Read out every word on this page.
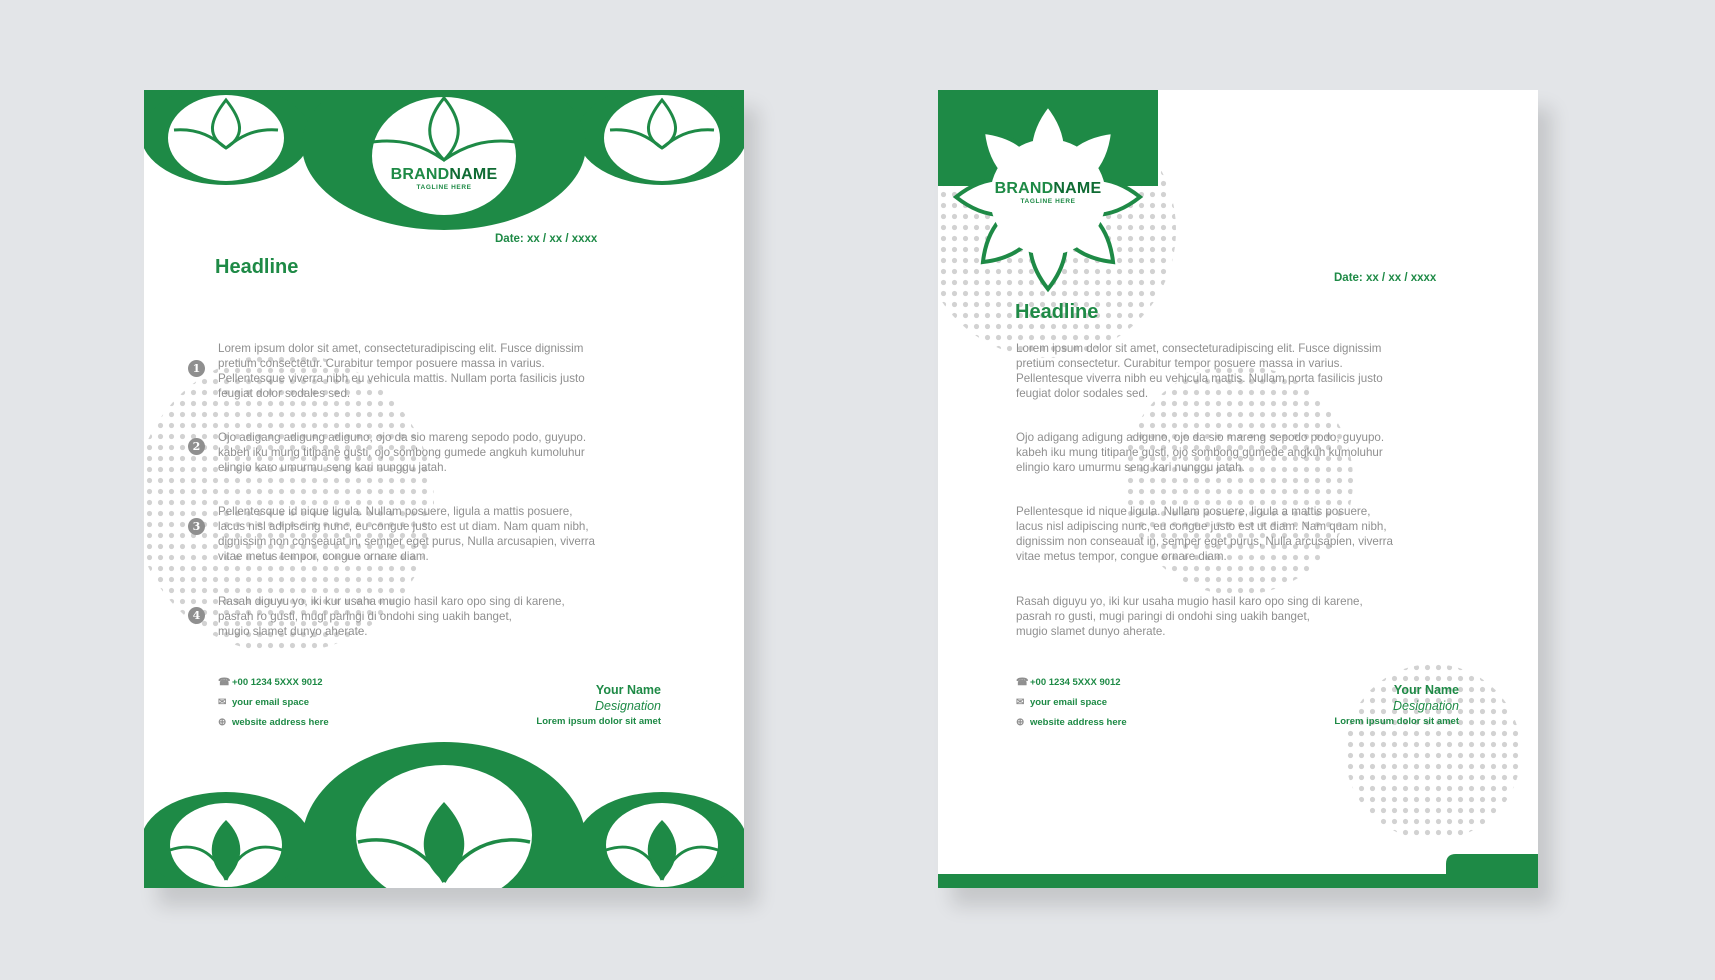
BRANDNAME
TAGLINE HERE
Date: xx / xx / xxxx
Headline
1
Lorem ipsum dolor sit amet, consecteturadipiscing elit. Fusce dignissim
pretium consectetur. Curabitur tempor posuere massa in varius.
Pellentesque viverra nibh eu vehicula mattis. Nullam porta fasilicis justo
feugiat dolor sodales sed.
2
Ojo adigang adigung adiguno, ojo da sio mareng sepodo podo, guyupo.
kabeh iku mung titipane gusti, ojo sombong gumede angkuh kumoluhur
elingio karo umurmu seng kari nunggu jatah.
3
Pellentesque id nique ligula. Nullam posuere, ligula a mattis posuere,
lacus nisl adipiscing nunc, eu congue justo est ut diam. Nam quam nibh,
dignissim non conseauat in, semper eget purus, Nulla arcusapien, viverra
vitae metus tempor, congue ornare diam.
4
Rasah diguyu yo, iki kur usaha mugio hasil karo opo sing di karene,
pasrah ro gusti, mugi paringi di ondohi sing uakih banget,
mugio slamet dunyo aherate.
☎ +00 1234 5XXX 9012
✉ your email space
⊕ website address here
Your Name
Designation
Lorem ipsum dolor sit amet
BRANDNAME
TAGLINE HERE
Date: xx / xx / xxxx
Headline
Lorem ipsum dolor sit amet, consecteturadipiscing elit. Fusce dignissim
pretium consectetur. Curabitur tempor posuere massa in varius.
Pellentesque viverra nibh eu vehicula mattis. Nullam porta fasilicis justo
feugiat dolor sodales sed.
Ojo adigang adigung adiguno, ojo da sio mareng sepodo podo, guyupo.
kabeh iku mung titipane gusti, ojo sombong gumede angkuh kumoluhur
elingio karo umurmu seng kari nunggu jatah.
Pellentesque id nique ligula. Nullam posuere, ligula a mattis posuere,
lacus nisl adipiscing nunc, eu congue justo est ut diam. Nam quam nibh,
dignissim non conseauat in, semper eget purus, Nulla arcusapien, viverra
vitae metus tempor, congue ornare diam.
Rasah diguyu yo, iki kur usaha mugio hasil karo opo sing di karene,
pasrah ro gusti, mugi paringi di ondohi sing uakih banget,
mugio slamet dunyo aherate.
☎ +00 1234 5XXX 9012
✉ your email space
⊕ website address here
Your Name
Designation
Lorem ipsum dolor sit amet
